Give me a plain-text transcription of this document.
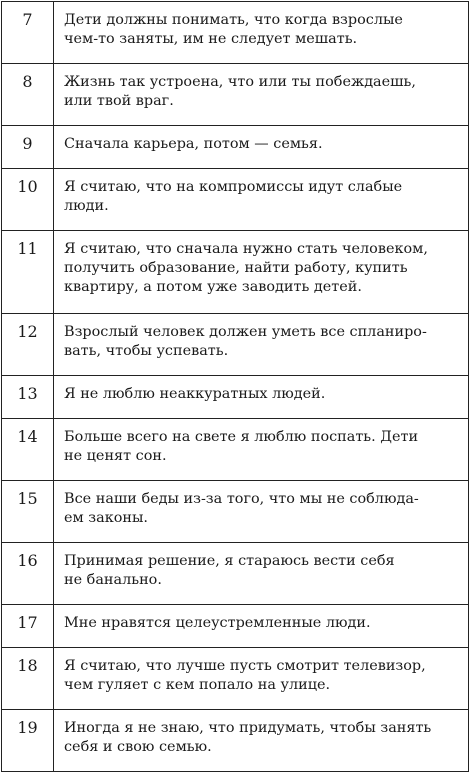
7	Дети должны понимать, что когда взрослые
чем-то заняты, им не следует мешать.

8	Жизнь так устроена, что или ты побеждаешь,
или твой враг.

9	Сначала карьера, потом — семья.

10	Я считаю, что на компромиссы идут слабые
люди.

11	Я считаю, что сначала нужно стать человеком,
получить образование, найти работу, купить
квартиру, а потом уже заводить детей.

12	Взрослый человек должен уметь все спланиро-
вать, чтобы успевать.

13	Я не люблю неаккуратных людей.

14	Больше всего на свете я люблю поспать. Дети
не ценят сон.

15	Все наши беды из-за того, что мы не соблюда-
ем законы.

16	Принимая решение, я стараюсь вести себя
не банально.

17	Мне нравятся целеустремленные люди.

18	Я считаю, что лучше пусть смотрит телевизор,
чем гуляет с кем попало на улице.

19	Иногда я не знаю, что придумать, чтобы занять
себя и свою семью.
